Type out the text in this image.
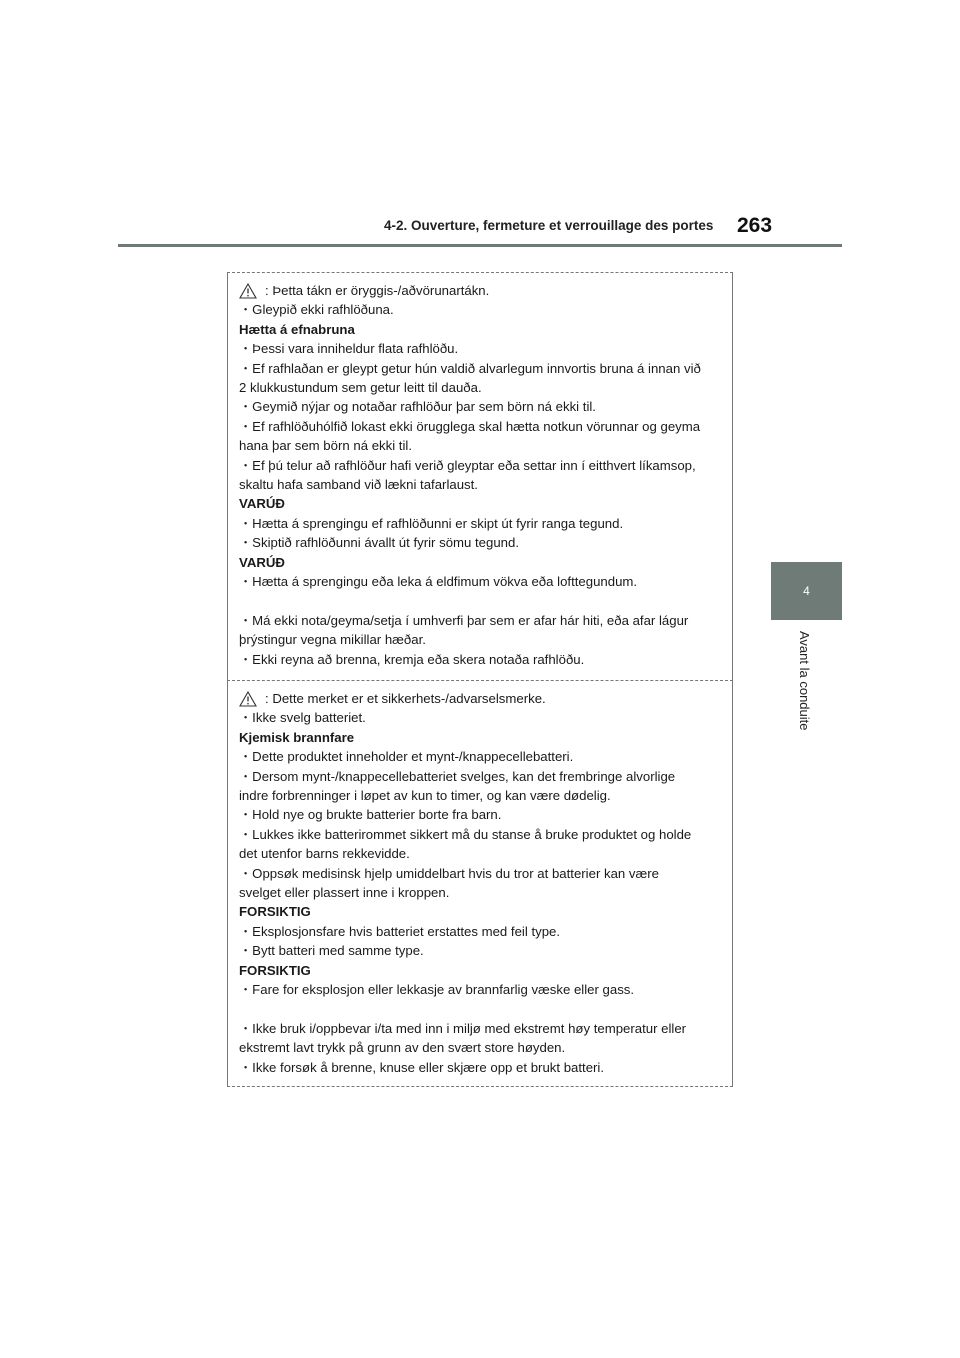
4-2. Ouverture, fermeture et verrouillage des portes 263
4
Avant la conduite
: Þetta tákn er öryggis-/aðvörunartákn.
・Gleypið ekki rafhlöðuna.
Hætta á efnabruna
・Þessi vara inniheldur flata rafhlöðu.
・Ef rafhlaðan er gleypt getur hún valdið alvarlegum innvortis bruna á innan við
2 klukkustundum sem getur leitt til dauða.
・Geymið nýjar og notaðar rafhlöður þar sem börn ná ekki til.
・Ef rafhlöðuhólfið lokast ekki örugglega skal hætta notkun vörunnar og geyma
hana þar sem börn ná ekki til.
・Ef þú telur að rafhlöður hafi verið gleyptar eða settar inn í eitthvert líkamsop,
skaltu hafa samband við lækni tafarlaust.
VARÚÐ
・Hætta á sprengingu ef rafhlöðunni er skipt út fyrir ranga tegund.
・Skiptið rafhlöðunni ávallt út fyrir sömu tegund.
VARÚÐ
・Hætta á sprengingu eða leka á eldfimum vökva eða lofttegundum.
・Má ekki nota/geyma/setja í umhverfi þar sem er afar hár hiti, eða afar lágur
þrýstingur vegna mikillar hæðar.
・Ekki reyna að brenna, kremja eða skera notaða rafhlöðu.
: Dette merket er et sikkerhets-/advarselsmerke.
・Ikke svelg batteriet.
Kjemisk brannfare
・Dette produktet inneholder et mynt-/knappecellebatteri.
・Dersom mynt-/knappecellebatteriet svelges, kan det frembringe alvorlige
indre forbrenninger i løpet av kun to timer, og kan være dødelig.
・Hold nye og brukte batterier borte fra barn.
・Lukkes ikke batterirommet sikkert må du stanse å bruke produktet og holde
det utenfor barns rekkevidde.
・Oppsøk medisinsk hjelp umiddelbart hvis du tror at batterier kan være
svelget eller plassert inne i kroppen.
FORSIKTIG
・Eksplosjonsfare hvis batteriet erstattes med feil type.
・Bytt batteri med samme type.
FORSIKTIG
・Fare for eksplosjon eller lekkasje av brannfarlig væske eller gass.
・Ikke bruk i/oppbevar i/ta med inn i miljø med ekstremt høy temperatur eller
ekstremt lavt trykk på grunn av den svært store høyden.
・Ikke forsøk å brenne, knuse eller skjære opp et brukt batteri.
